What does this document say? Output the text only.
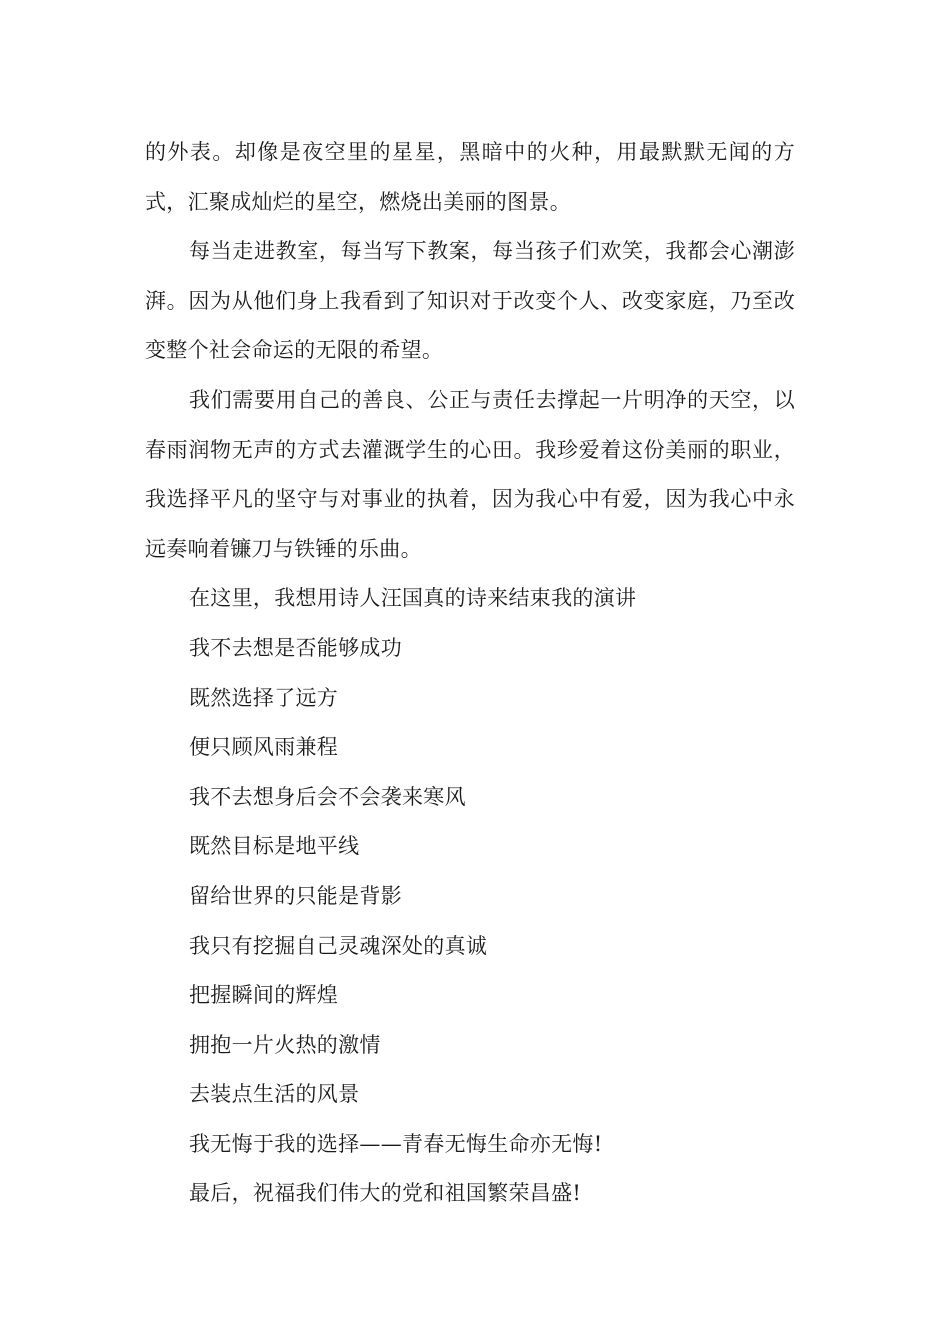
的外表。却像是夜空里的星星，黑暗中的火种，用最默默无闻的方式，汇聚成灿烂的星空，燃烧出美丽的图景。

每当走进教室，每当写下教案，每当孩子们欢笑，我都会心潮澎湃。因为从他们身上我看到了知识对于改变个人、改变家庭，乃至改变整个社会命运的无限的希望。

我们需要用自己的善良、公正与责任去撑起一片明净的天空，以春雨润物无声的方式去灌溉学生的心田。我珍爱着这份美丽的职业，我选择平凡的坚守与对事业的执着，因为我心中有爱，因为我心中永远奏响着镰刀与铁锤的乐曲。

在这里，我想用诗人汪国真的诗来结束我的演讲

我不去想是否能够成功

既然选择了远方

便只顾风雨兼程

我不去想身后会不会袭来寒风

既然目标是地平线

留给世界的只能是背影

我只有挖掘自己灵魂深处的真诚

把握瞬间的辉煌

拥抱一片火热的激情

去装点生活的风景

我无悔于我的选择——青春无悔生命亦无悔!

最后，祝福我们伟大的党和祖国繁荣昌盛!
